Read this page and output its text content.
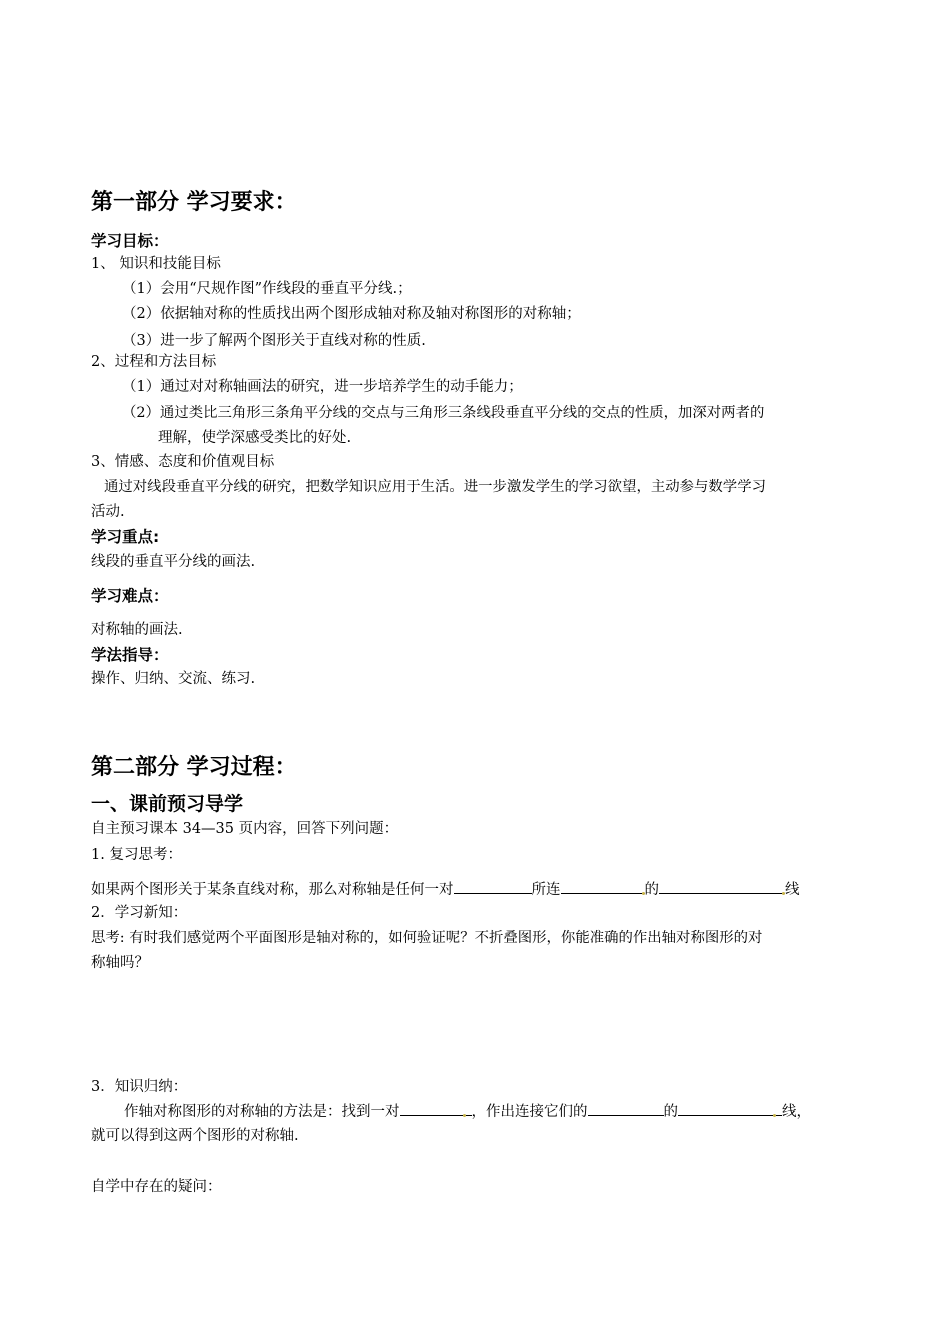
第一部分 学习要求：
学习目标：
1、 知识和技能目标
（1）会用“尺规作图”作线段的垂直平分线.；
（2）依据轴对称的性质找出两个图形成轴对称及轴对称图形的对称轴；
（3）进一步了解两个图形关于直线对称的性质.
2、过程和方法目标
（1）通过对对称轴画法的研究，进一步培养学生的动手能力；
（2）通过类比三角形三条角平分线的交点与三角形三条线段垂直平分线的交点的性质，加深对两者的
理解，使学深感受类比的好处.
3、情感、态度和价值观目标
通过对线段垂直平分线的研究，把数学知识应用于生活。进一步激发学生的学习欲望，主动参与数学学习
活动.
学习重点:
线段的垂直平分线的画法.
学习难点：
对称轴的画法.
学法指导：
操作、归纳、交流、练习.
第二部分 学习过程：
一、课前预习导学
自主预习课本 34—35 页内容，回答下列问题：
1. 复习思考：
如果两个图形关于某条直线对称，那么对称轴是任何一对	所连	的	线
2．学习新知：
思考: 有时我们感觉两个平面图形是轴对称的，如何验证呢？不折叠图形，你能准确的作出轴对称图形的对
称轴吗？
3．知识归纳：
作轴对称图形的对称轴的方法是：找到一对	，作出连接它们的	的	线，
就可以得到这两个图形的对称轴.
自学中存在的疑问：
